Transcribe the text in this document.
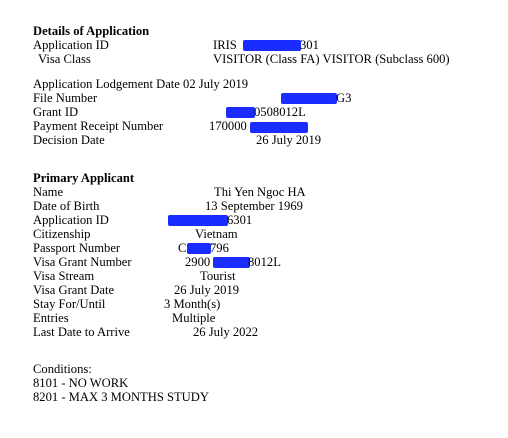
Details of Application
Application ID	IRIS	301
Visa Class	VISITOR (Class FA) VISITOR (Subclass 600)
Application Lodgement Date 02 July 2019
File Number	G3
Grant ID	0508012L
Payment Receipt Number	170000
Decision Date	26 July 2019
Primary Applicant
Name	Thi Yen Ngoc HA
Date of Birth	13 September 1969
Application ID	6301
Citizenship	Vietnam
Passport Number	C 796
Visa Grant Number	2900	8012L
Visa Stream	Tourist
Visa Grant Date	26 July 2019
Stay For/Until	3 Month(s)
Entries	Multiple
Last Date to Arrive	26 July 2022
Conditions:
8101 - NO WORK
8201 - MAX 3 MONTHS STUDY
